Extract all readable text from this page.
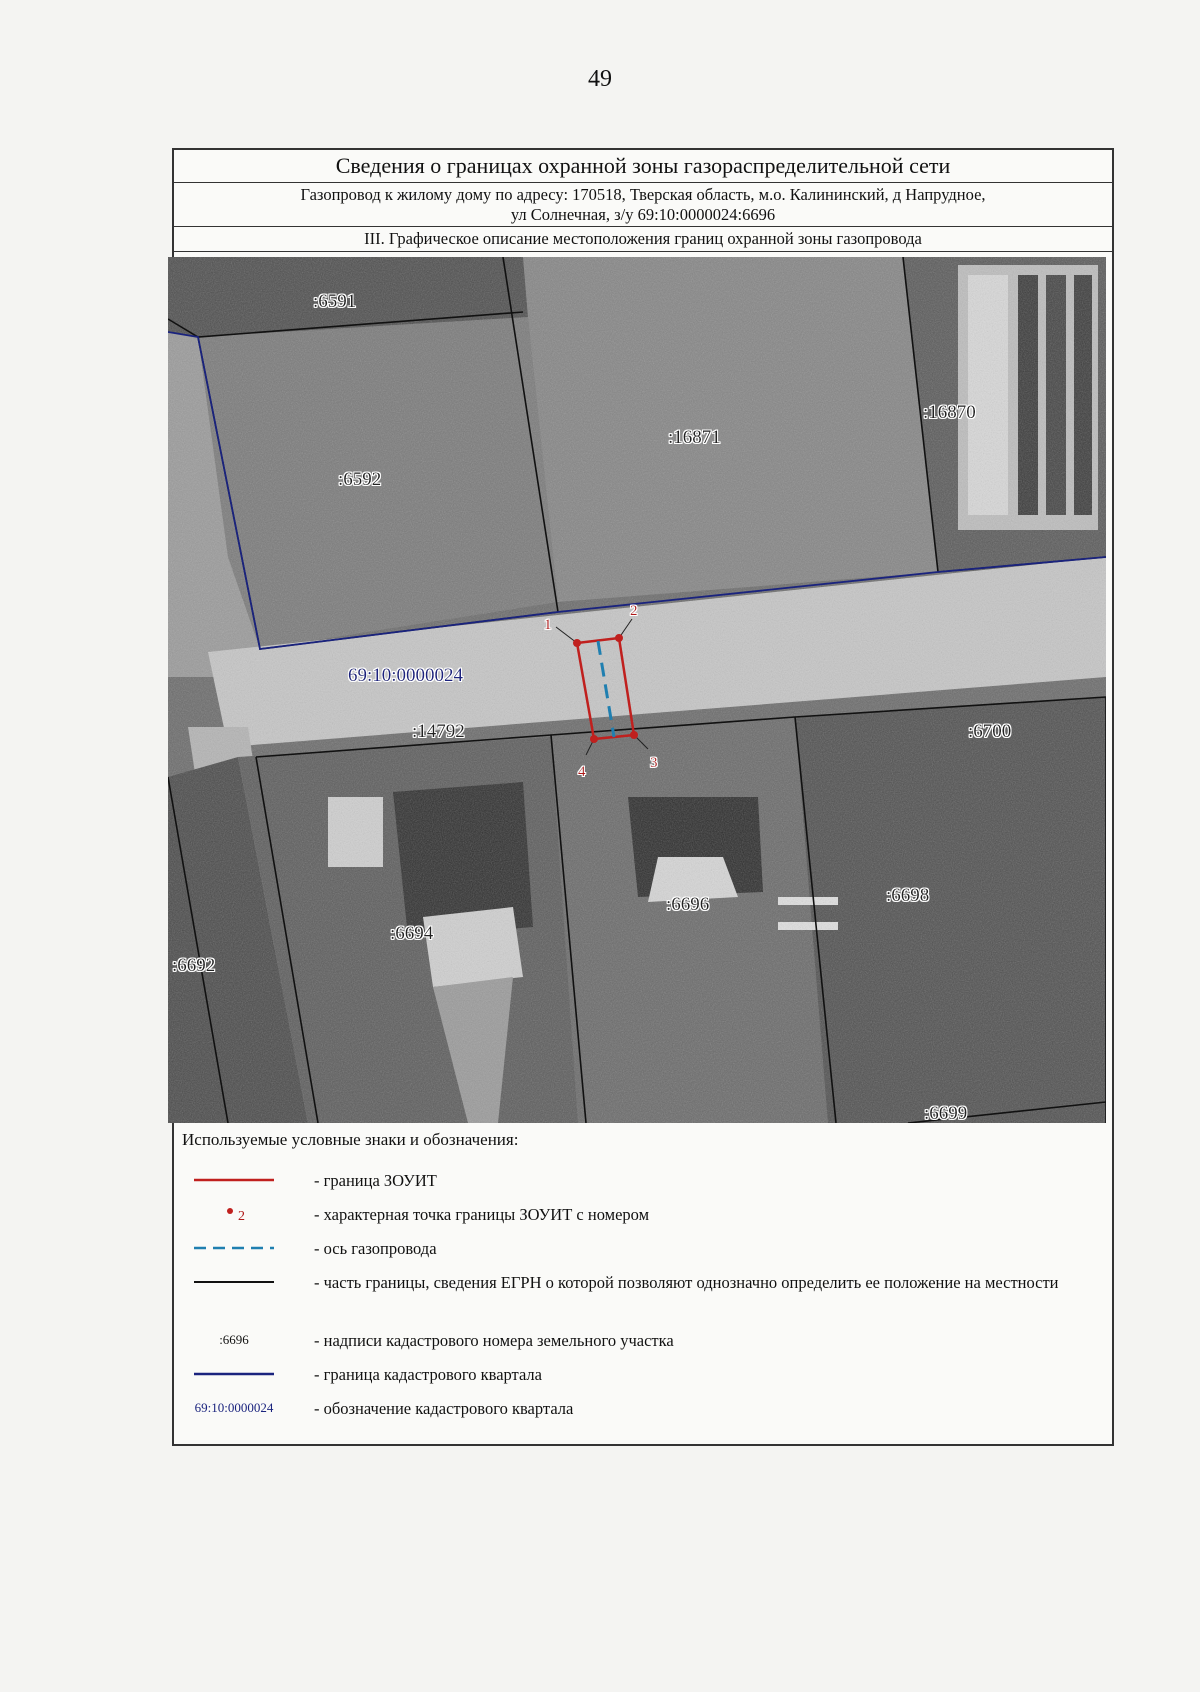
49
Сведения о границах охранной зоны газораспределительной сети
Газопровод к жилому дому по адресу: 170518, Тверская область, м.о. Калининский, д Напрудное,
ул Солнечная, з/у 69:10:0000024:6696
III. Графическое описание местоположения границ охранной зоны газопровода
1
2
3
4
:6591
:6592
:16871
:16870
:14792	:6700
:6694
:6696	:6698
:6692
:6699
69:10:0000024
Используемые условные знаки и обозначения:
- граница ЗОУИТ
2	- характерная точка границы ЗОУИТ с номером
- ось газопровода
- часть границы, сведения ЕГРН о которой позволяют однозначно определить ее положение на местности
:6696	- надписи кадастрового номера земельного участка
- граница кадастрового квартала
69:10:0000024	- обозначение кадастрового квартала
